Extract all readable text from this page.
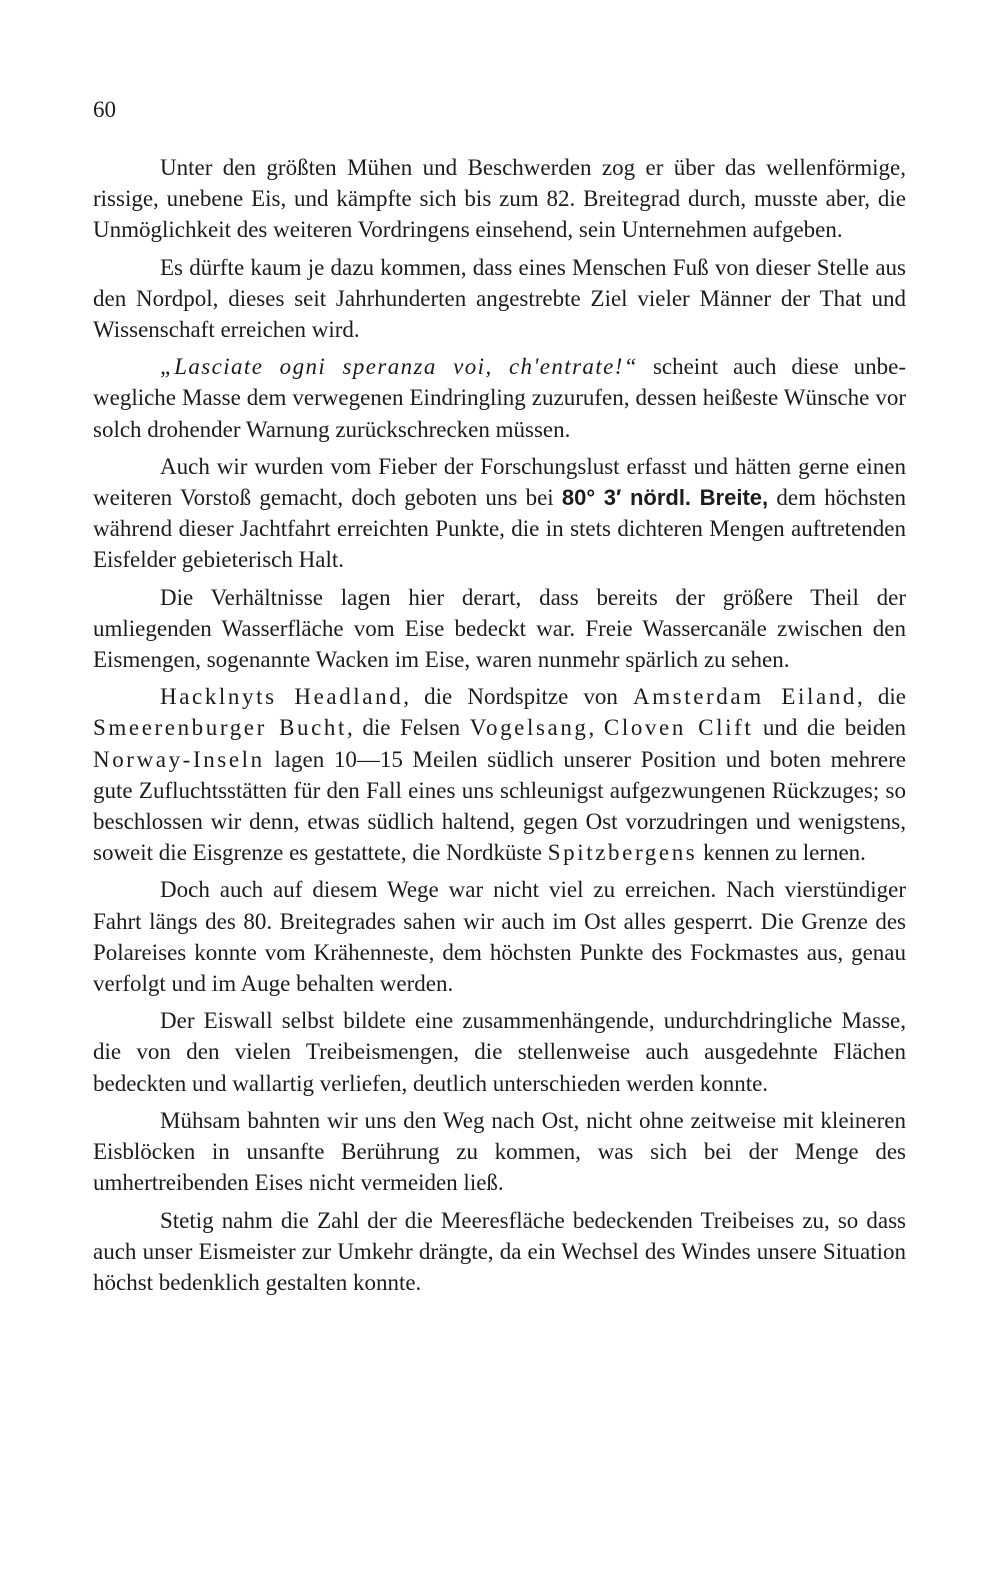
60

Unter den größten Mühen und Beschwerden zog er über das wellenförmige, rissige, unebene Eis, und kämpfte sich bis zum 82. Breitegrad durch, musste aber, die Unmöglichkeit des weiteren Vordringens einsehend, sein Unternehmen aufgeben.

Es dürfte kaum je dazu kommen, dass eines Menschen Fuß von dieser Stelle aus den Nordpol, dieses seit Jahrhunderten angestrebte Ziel vieler Männer der That und Wissenschaft erreichen wird.

„Lasciate ogni speranza voi, ch'entrate!“ scheint auch diese unbewegliche Masse dem verwegenen Eindringling zuzurufen, dessen heißeste Wünsche vor solch drohender Warnung zurückschrecken müssen.

Auch wir wurden vom Fieber der Forschungslust erfasst und hätten gerne einen weiteren Vorstoß gemacht, doch geboten uns bei 80° 3′ nördl. Breite, dem höchsten während dieser Jachtfahrt erreichten Punkte, die in stets dichteren Mengen auftretenden Eisfelder gebieterisch Halt.

Die Verhältnisse lagen hier derart, dass bereits der größere Theil der umliegenden Wasserfläche vom Eise bedeckt war. Freie Wassercanäle zwischen den Eismengen, sogenannte Wacken im Eise, waren nunmehr spärlich zu sehen.

Hacklnyts Headland, die Nordspitze von Amsterdam Eiland, die Smeerenburger Bucht, die Felsen Vogelsang, Cloven Clift und die beiden Norway-Inseln lagen 10—15 Meilen südlich unserer Position und boten mehrere gute Zufluchtsstätten für den Fall eines uns schleunigst aufgezwungenen Rückzuges; so beschlossen wir denn, etwas südlich haltend, gegen Ost vorzudringen und wenigstens, soweit die Eisgrenze es gestattete, die Nordküste Spitzbergens kennen zu lernen.

Doch auch auf diesem Wege war nicht viel zu erreichen. Nach vierstündiger Fahrt längs des 80. Breitegrades sahen wir auch im Ost alles gesperrt. Die Grenze des Polareises konnte vom Krähenneste, dem höchsten Punkte des Fockmastes aus, genau verfolgt und im Auge behalten werden.

Der Eiswall selbst bildete eine zusammenhängende, undurchdringliche Masse, die von den vielen Treibeismengen, die stellenweise auch ausgedehnte Flächen bedeckten und wallartig verliefen, deutlich unterschieden werden konnte.

Mühsam bahnten wir uns den Weg nach Ost, nicht ohne zeitweise mit kleineren Eisblöcken in unsanfte Berührung zu kommen, was sich bei der Menge des umhertreibenden Eises nicht vermeiden ließ.

Stetig nahm die Zahl der die Meeresfläche bedeckenden Treibeises zu, so dass auch unser Eismeister zur Umkehr drängte, da ein Wechsel des Windes unsere Situation höchst bedenklich gestalten konnte.
